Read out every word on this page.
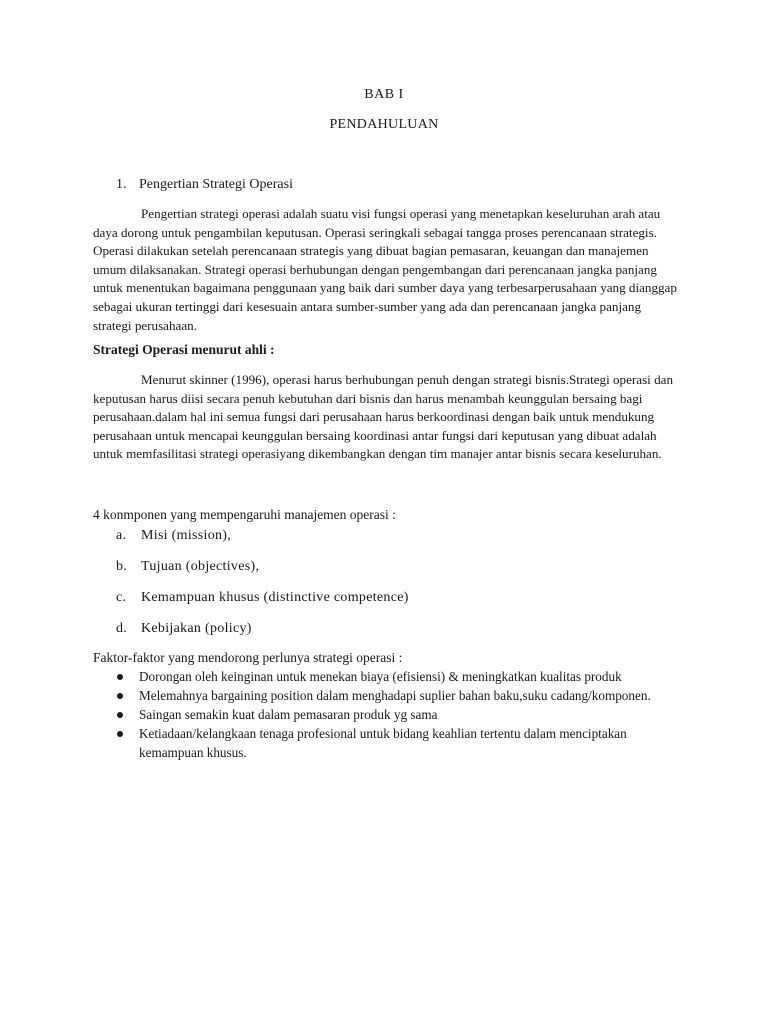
BAB I
PENDAHULUAN
1. Pengertian Strategi Operasi
Pengertian strategi operasi adalah suatu visi fungsi operasi yang menetapkan keseluruhan arah atau daya dorong untuk pengambilan keputusan. Operasi seringkali sebagai tangga proses perencanaan strategis. Operasi dilakukan setelah perencanaan strategis yang dibuat bagian pemasaran, keuangan dan manajemen umum dilaksanakan. Strategi operasi berhubungan dengan pengembangan dari perencanaan jangka panjang untuk menentukan bagaimana penggunaan yang baik dari sumber daya yang terbesarperusahaan yang dianggap sebagai ukuran tertinggi dari kesesuain antara sumber-sumber yang ada dan perencanaan jangka panjang strategi perusahaan.
Strategi Operasi menurut ahli :
Menurut skinner (1996), operasi harus berhubungan penuh dengan strategi bisnis.Strategi operasi dan keputusan harus diisi secara penuh kebutuhan dari bisnis dan harus menambah keunggulan bersaing bagi perusahaan.dalam hal ini semua fungsi dari perusahaan harus berkoordinasi dengan baik untuk mendukung perusahaan untuk mencapai keunggulan bersaing koordinasi antar fungsi dari keputusan yang dibuat adalah untuk memfasilitasi strategi operasiyang dikembangkan dengan tim manajer antar bisnis secara keseluruhan.
4 konmponen yang mempengaruhi manajemen operasi :
a. Misi (mission),
b. Tujuan (objectives),
c. Kemampuan khusus (distinctive competence)
d. Kebijakan (policy)
Faktor-faktor yang mendorong perlunya strategi operasi :
Dorongan oleh keinginan untuk menekan biaya (efisiensi) & meningkatkan kualitas produk
Melemahnya bargaining position dalam menghadapi suplier bahan baku,suku cadang/komponen.
Saingan semakin kuat dalam pemasaran produk yg sama
Ketiadaan/kelangkaan tenaga profesional untuk bidang keahlian tertentu dalam menciptakan kemampuan khusus.
